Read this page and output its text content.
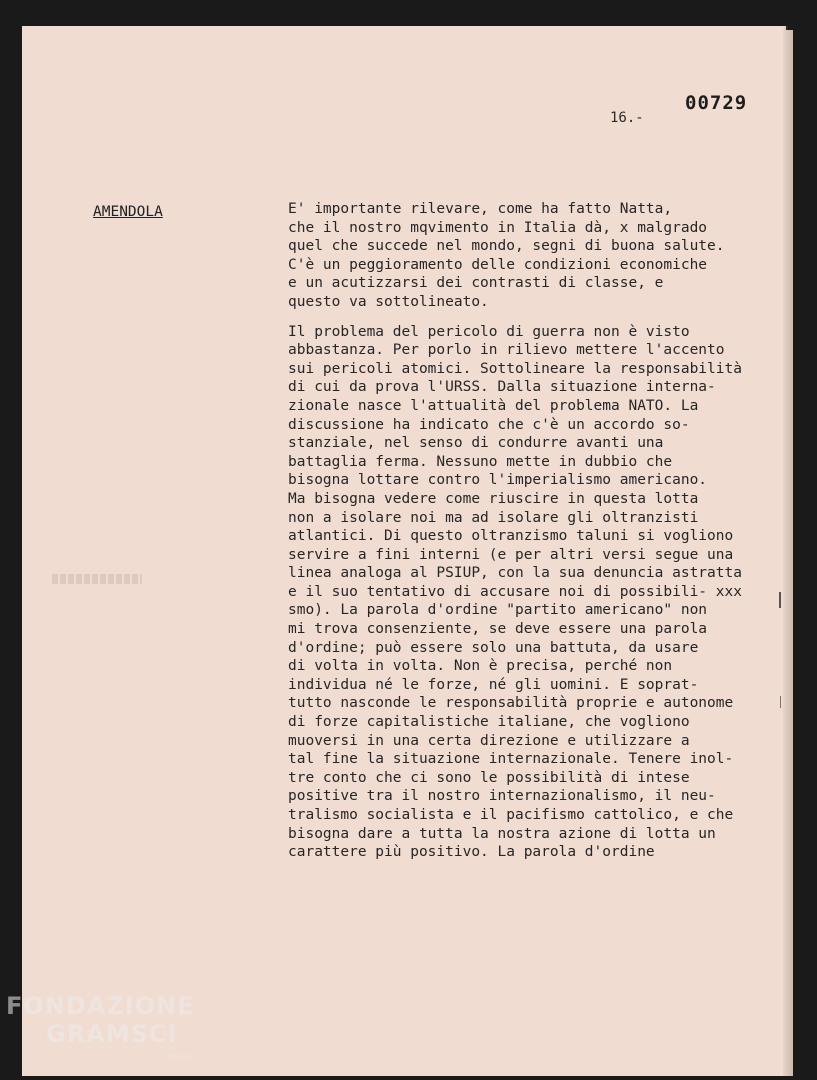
00729
16.-
AMENDOLA	E' importante rilevare, come ha fatto Natta,

che il nostro mqvimento in Italia dà, x malgrado

quel che succede nel mondo, segni di buona salute.

C'è un peggioramento delle condizioni economiche

e un acutizzarsi dei contrasti di classe, e

questo va sottolineato.

Il problema del pericolo di guerra non è visto

abbastanza. Per porlo in rilievo mettere l'accento

sui pericoli atomici. Sottolineare la responsabilità

di cui da prova l'URSS. Dalla situazione interna-

zionale nasce l'attualità del problema NATO. La

discussione ha indicato che c'è un accordo so-

stanziale, nel senso di condurre avanti una

battaglia ferma. Nessuno mette in dubbio che

bisogna lottare contro l'imperialismo americano.

Ma bisogna vedere come riuscire in questa lotta

non a isolare noi ma ad isolare gli oltranzisti

atlantici. Di questo oltranzismo taluni si vogliono

servire a fini interni (e per altri versi segue una

linea analoga al PSIUP, con la sua denuncia astratta

e il suo tentativo di accusare noi di possibili- xxx

smo). La parola d'ordine "partito americano" non

mi trova consenziente, se deve essere una parola

d'ordine; può essere solo una battuta, da usare

di volta in volta. Non è precisa, perché non

individua né le forze, né gli uomini. E soprat-

tutto nasconde le responsabilità proprie e autonome

di forze capitalistiche italiane, che vogliono

muoversi in una certa direzione e utilizzare a

tal fine la situazione internazionale. Tenere inol-

tre conto che ci sono le possibilità di intese

positive tra il nostro internazionalismo, il neu-

tralismo socialista e il pacifismo cattolico, e che

bisogna dare a tutta la nostra azione di lotta un

carattere più positivo. La parola d'ordine

FONDAZIONE
GRAMSCI
onlus
